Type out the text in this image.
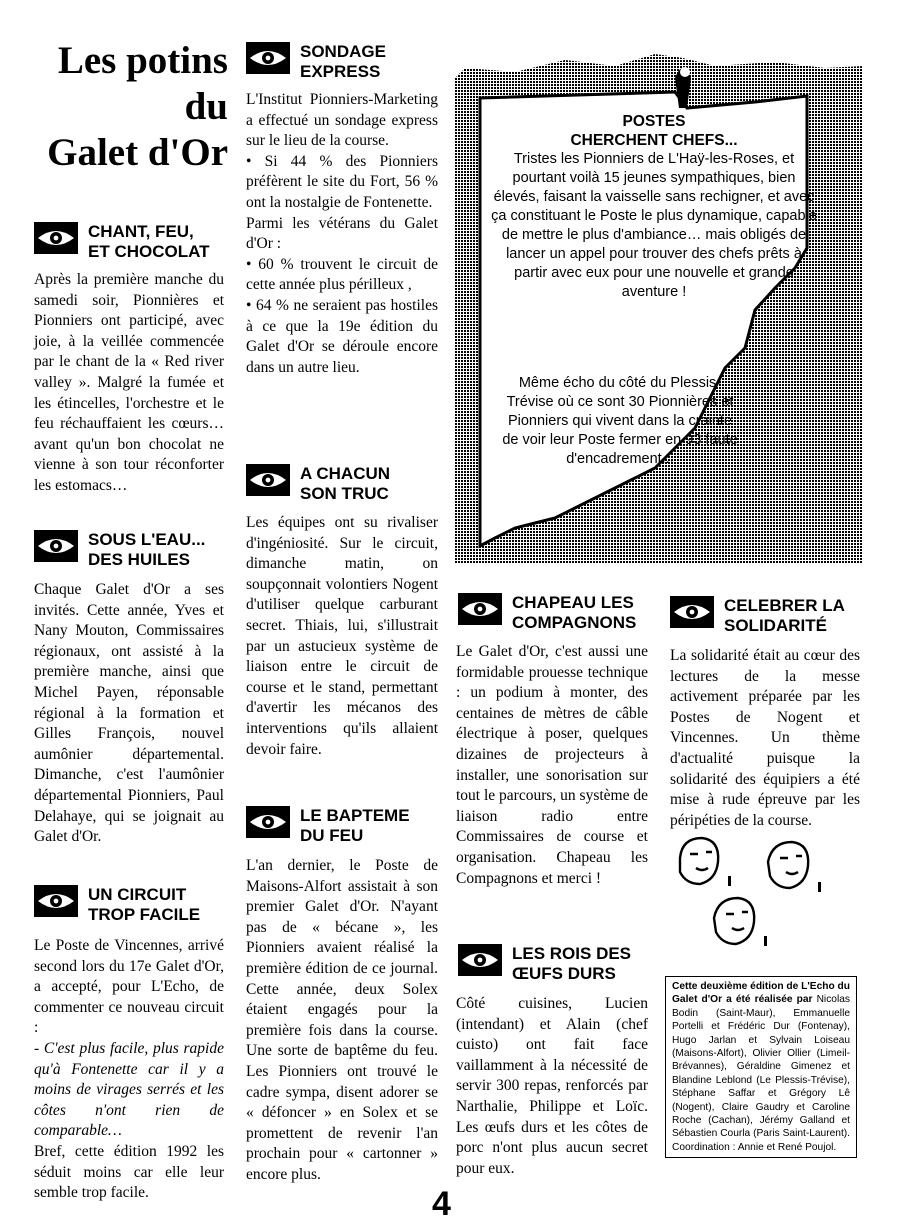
Les potins
du
Galet d'Or
CHANT, FEU,
ET CHOCOLAT

Après la première manche du samedi soir, Pionnières et Pionniers ont participé, avec joie, à la veillée commencée par le chant de la « Red river valley ». Malgré la fumée et les étincelles, l'orchestre et le feu réchauffaient les cœurs… avant qu'un bon chocolat ne vienne à son tour réconforter les estomacs…

SOUS L'EAU...
DES HUILES

Chaque Galet d'Or a ses invités. Cette année, Yves et Nany Mouton, Commissaires régionaux, ont assisté à la première manche, ainsi que Michel Payen, réponsable régional à la formation et Gilles François, nouvel aumônier départemental. Dimanche, c'est l'aumônier départemental Pionniers, Paul Delahaye, qui se joignait au Galet d'Or.

UN CIRCUIT
TROP FACILE

Le Poste de Vincennes, arrivé second lors du 17e Galet d'Or, a accepté, pour L'Echo, de commenter ce nouveau circuit :

- C'est plus facile, plus rapide qu'à Fontenette car il y a moins de virages serrés et les côtes n'ont rien de comparable…

Bref, cette édition 1992 les séduit moins car elle leur semble trop facile.

SONDAGE
EXPRESS

L'Institut Pionniers-Marketing a effectué un sondage express sur le lieu de la course.

• Si 44 % des Pionniers préfèrent le site du Fort, 56 % ont la nostalgie de Fontenette.

Parmi les vétérans du Galet d'Or :

• 60 % trouvent le circuit de cette année plus périlleux ,

• 64 % ne seraient pas hostiles à ce que la 19e édition du Galet d'Or se déroule encore dans un autre lieu.

A CHACUN
SON TRUC

Les équipes ont su rivaliser d'ingéniosité. Sur le circuit, dimanche matin, on soupçonnait volontiers Nogent d'utiliser quelque carburant secret. Thiais, lui, s'illustrait par un astucieux système de liaison entre le circuit de course et le stand, permettant d'avertir les mécanos des interventions qu'ils allaient devoir faire.

LE BAPTEME
DU FEU

L'an dernier, le Poste de Maisons-Alfort assistait à son premier Galet d'Or. N'ayant pas de « bécane », les Pionniers avaient réalisé la première édition de ce journal. Cette année, deux Solex étaient engagés pour la première fois dans la course. Une sorte de baptême du feu. Les Pionniers ont trouvé le cadre sympa, disent adorer se « défoncer » en Solex et se promettent de revenir l'an prochain pour « cartonner » encore plus.

POSTES
CHERCHENT CHEFS...
Tristes les Pionniers de L'Haÿ-les-Roses, et pourtant voilà 15 jeunes sympathiques, bien élevés, faisant la vaisselle sans rechigner, et avec ça constituant le Poste le plus dynamique, capable de mettre le plus d'ambiance… mais obligés de lancer un appel pour trouver des chefs prêts à partir avec eux pour une nouvelle et grande aventure !
Même écho du côté du Plessis-Trévise où ce sont 30 Pionnières et Pionniers qui vivent dans la crainte de voir leur Poste fermer en 93 faute d'encadrement...
CHAPEAU LES
COMPAGNONS

Le Galet d'Or, c'est aussi une formidable prouesse technique : un podium à monter, des centaines de mètres de câble électrique à poser, quelques dizaines de projecteurs à installer, une sonorisation sur tout le parcours, un système de liaison radio entre Commissaires de course et organisation. Chapeau les Compagnons et merci !

LES ROIS DES
ŒUFS DURS

Côté cuisines, Lucien (intendant) et Alain (chef cuisto) ont fait face vaillamment à la nécessité de servir 300 repas, renforcés par Narthalie, Philippe et Loïc. Les œufs durs et les côtes de porc n'ont plus aucun secret pour eux.

CELEBRER LA
SOLIDARITÉ

La solidarité était au cœur des lectures de la messe activement préparée par les Postes de Nogent et Vincennes. Un thème d'actualité puisque la solidarité des équipiers a été mise à rude épreuve par les péripéties de la course.

Cette deuxième édition de L'Echo du Galet d'Or a été réalisée par Nicolas Bodin (Saint-Maur), Emmanuelle Portelli et Frédéric Dur (Fontenay), Hugo Jarlan et Sylvain Loiseau (Maisons-Alfort), Olivier Ollier (Limeil-Brévannes), Géraldine Gimenez et Blandine Leblond (Le Plessis-Trévise), Stéphane Saffar et Grégory Lê (Nogent), Claire Gaudry et Caroline Roche (Cachan), Jérémy Galland et Sébastien Courla (Paris Saint-Laurent). Coordination : Annie et René Poujol.
4
